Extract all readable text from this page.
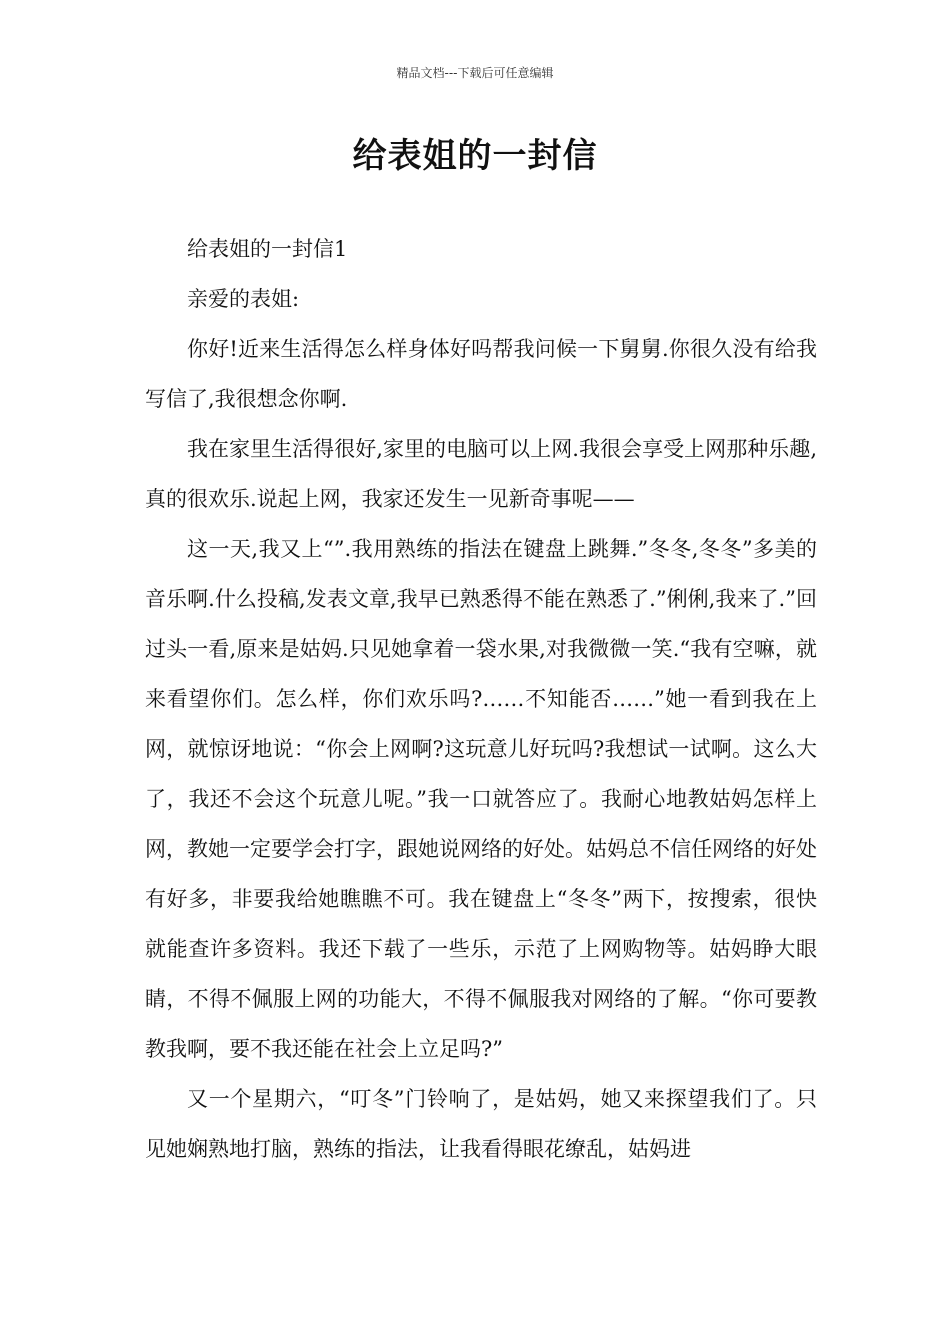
精品文档---下载后可任意编辑
给表姐的一封信

给表姐的一封信1

亲爱的表姐:

你好!近来生活得怎么样身体好吗帮我问候一下舅舅.你很久没有给我写信了,我很想念你啊.

我在家里生活得很好,家里的电脑可以上网.我很会享受上网那种乐趣,真的很欢乐.说起上网，我家还发生一见新奇事呢——

这一天,我又上“”.我用熟练的指法在键盘上跳舞.”冬冬,冬冬”多美的音乐啊.什么投稿,发表文章,我早已熟悉得不能在熟悉了.”俐俐,我来了.”回过头一看,原来是姑妈.只见她拿着一袋水果,对我微微一笑.“我有空嘛，就来看望你们。怎么样，你们欢乐吗?……不知能否……”她一看到我在上网，就惊讶地说：“你会上网啊?这玩意儿好玩吗?我想试一试啊。这么大了，我还不会这个玩意儿呢。”我一口就答应了。我耐心地教姑妈怎样上网，教她一定要学会打字，跟她说网络的好处。姑妈总不信任网络的好处有好多，非要我给她瞧瞧不可。我在键盘上“冬冬”两下，按搜索，很快就能查许多资料。我还下载了一些乐，示范了上网购物等。姑妈睁大眼睛，不得不佩服上网的功能大，不得不佩服我对网络的了解。“你可要教教我啊，要不我还能在社会上立足吗?”

又一个星期六，“叮冬”门铃响了，是姑妈，她又来探望我们了。只见她娴熟地打脑，熟练的指法，让我看得眼花缭乱，姑妈进
